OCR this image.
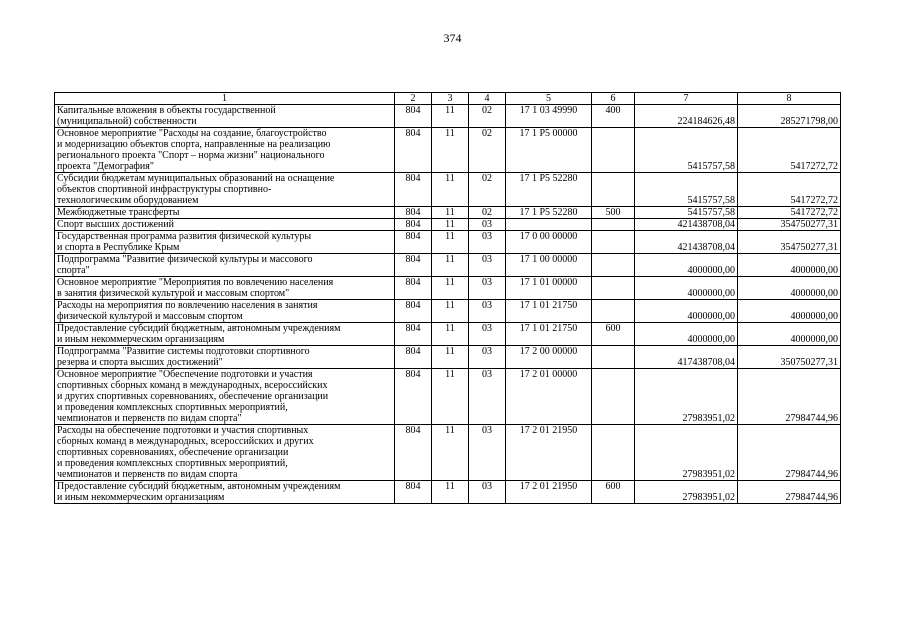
374
1	2	3	4	5	6	7	8

Капитальные вложения в объекты государственной
(муниципальной) собственности	804	11	02	17 1 03 49990	400	224184626,48	285271798,00

Основное мероприятие "Расходы на создание, благоустройство
и модернизацию объектов спорта, направленные на реализацию
регионального проекта "Спорт – норма жизни" национального
проекта "Демография"	804	11	02	17 1 P5 00000		5415757,58	5417272,72

Субсидии бюджетам муниципальных образований на оснащение
объектов спортивной инфраструктуры спортивно-
технологическим оборудованием	804	11	02	17 1 P5 52280		5415757,58	5417272,72

Межбюджетные трансферты	804	11	02	17 1 P5 52280	500	5415757,58	5417272,72

Спорт высших достижений	804	11	03			421438708,04	354750277,31

Государственная программа развития физической культуры
и спорта в Республике Крым	804	11	03	17 0 00 00000		421438708,04	354750277,31

Подпрограмма "Развитие физической культуры и массового
спорта"	804	11	03	17 1 00 00000		4000000,00	4000000,00

Основное мероприятие "Мероприятия по вовлечению населения
в занятия физической культурой и массовым спортом"	804	11	03	17 1 01 00000		4000000,00	4000000,00

Расходы на мероприятия по вовлечению населения в занятия
физической культурой и массовым спортом	804	11	03	17 1 01 21750		4000000,00	4000000,00

Предоставление субсидий бюджетным, автономным учреждениям
и иным некоммерческим организациям	804	11	03	17 1 01 21750	600	4000000,00	4000000,00

Подпрограмма "Развитие системы подготовки спортивного
резерва и спорта высших достижений"	804	11	03	17 2 00 00000		417438708,04	350750277,31

Основное мероприятие "Обеспечение подготовки и участия
спортивных сборных команд в международных, всероссийских
и других спортивных соревнованиях, обеспечение организации
и проведения комплексных спортивных мероприятий,
чемпионатов и первенств по видам спорта"	804	11	03	17 2 01 00000		27983951,02	27984744,96

Расходы на обеспечение подготовки и участия спортивных
сборных команд в международных, всероссийских и других
спортивных соревнованиях, обеспечение организации
и проведения комплексных спортивных мероприятий,
чемпионатов и первенств по видам спорта	804	11	03	17 2 01 21950		27983951,02	27984744,96

Предоставление субсидий бюджетным, автономным учреждениям
и иным некоммерческим организациям	804	11	03	17 2 01 21950	600	27983951,02	27984744,96
